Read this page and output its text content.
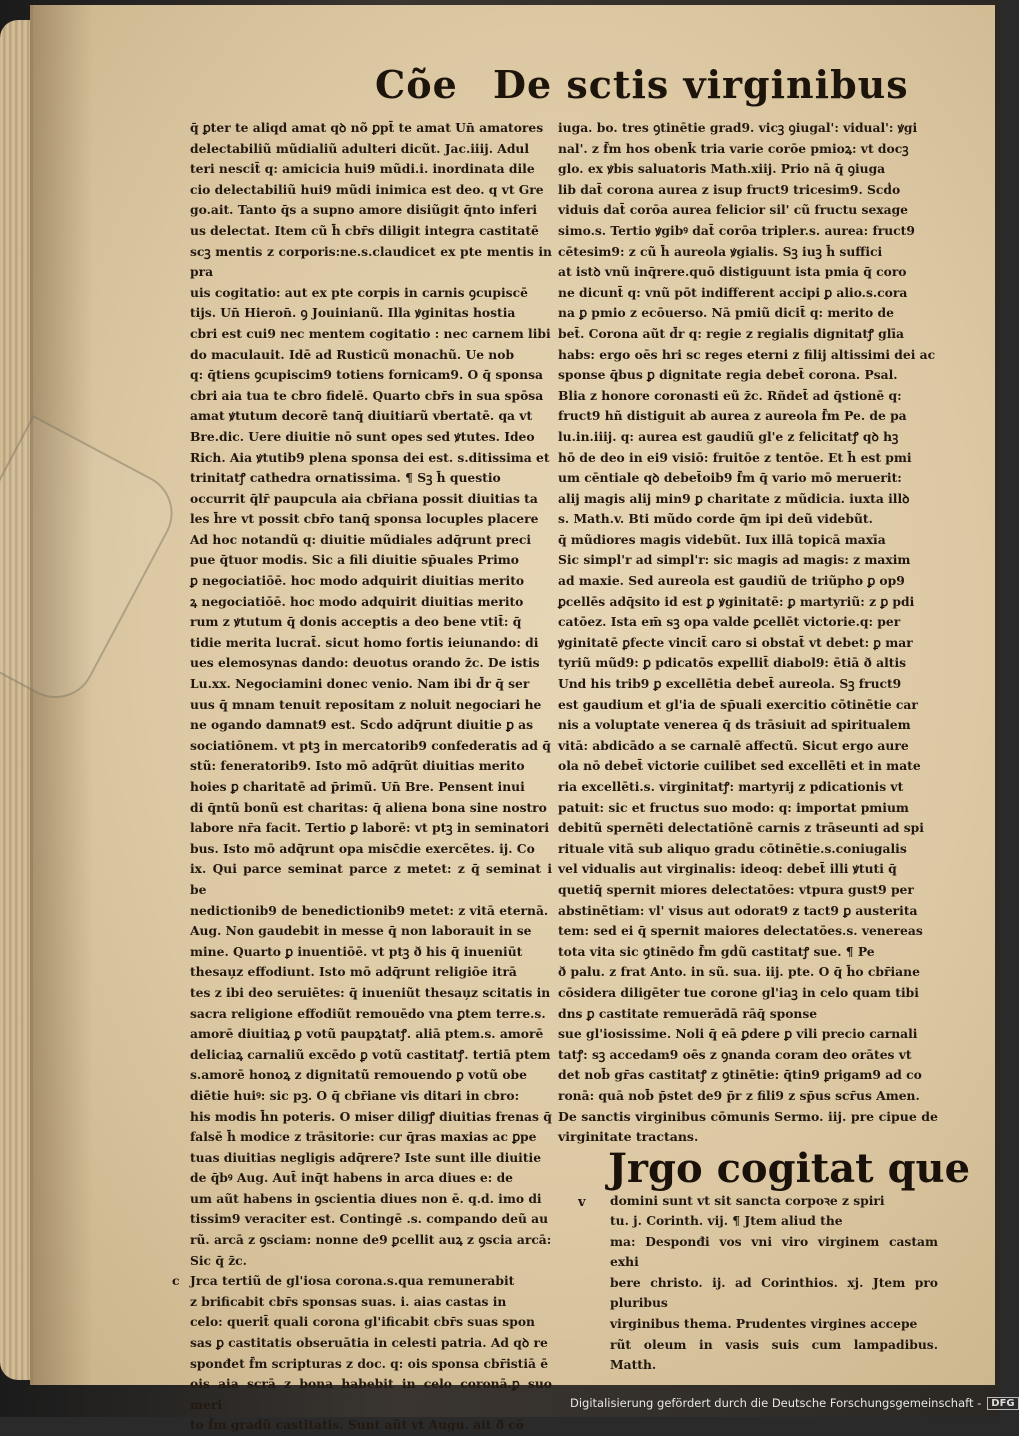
Cõe De sctis virginibus

q̄ ꝑter te aliqd amat qꝺ nõ ꝑpt̄ te amat Un̄ amatores

delectabiliũ mũdialiũ adulteri dicũt. Jac.iiij. Adul

teri nescit̄ q: amicicia hui9 mũdi.i. inordinata dile

cio delectabiliũ hui9 mũdi inimica est deo. q vt Gre

go.ait. Tanto q̄s a supno amore disiũgit q̄nto inferi

us delectat. Item cũ h̄ cbr̄s diligit integra castitatē

scꝫ mentis z corporis:ne.s.claudicet ex pte mentis in pra

uis cogitatio: aut ex pte corpis in carnis ꝯcupiscē

tijs. Un̄ Hieron̄. ꝯ Jouinianũ. Illa ꝟginitas hostia

cbri est cui9 nec mentem cogitatio : nec carnem libi

do maculauit. Idē ad Rusticũ monachũ. Ue nob

q: q̄tiens ꝯcupiscim9 totiens fornicam9. O q̄ sponsa

cbri aia tua te cbro fidelē. Quarto cbr̄s in sua spōsa

amat ꝟtutum decorē tanq̄ diuitiarũ vbertatē. qa vt

Bre.dic. Uere diuitie nō sunt opes sed ꝟtutes. Ideo

Rich. Aia ꝟtutib9 plena sponsa dei est. s.ditissima et

trinitatꝭ cathedra ornatissima. ¶ Sꝫ h̄ questio

occurrit q̄lr̄ paupcula aia cbr̄iana possit diuitias ta

les h̄re vt possit cbr̄o tanq̄ sponsa locuples placere

Ad hoc notandũ q: diuitie mũdiales adq̄runt preci

pue q̄tuor modis. Sic a fili diuitie sp̄uales Primo

ꝑ negociatiōē. hoc modo adquirit diuitias merito

ꝝ negociatiōē. hoc modo adquirit diuitias merito

rum z ꝟtutum q̄ donis acceptis a deo bene vtit̄: q̄

tidie merita lucrat̄. sicut homo fortis ieiunando: di

ues elemosynas dando: deuotus orando z̄c. De istis

Lu.xx. Negociamini donec venio. Nam ibi d̄r q̄ ser

uus q̄ mnam tenuit repositam z noluit negociari he

ne ogando damnat9 est. Scḋo adq̄runt diuitie ꝑ as

sociatiōnem. vt ptꝫ in mercatorib9 confederatis ad q̄

stũ: feneratorib9. Isto mō adq̄rũt diuitias merito

hoies ꝑ charitatē ad p̄rimũ. Un̄ Bre. Pensent inui

di q̄ntũ bonũ est charitas: q̄ aliena bona sine nostro

labore nr̄a facit. Tertio ꝑ laborē: vt ptꝫ in seminatori

bus. Isto mō adq̄runt opa misc̄die exercētes. ij. Co

ix. Qui parce seminat parce z metet: z q̄ seminat i be

nedictionib9 de benedictionib9 metet: z vitā eternā.

Aug. Non gaudebit in messe q̄ non laborauit in se

mine. Quarto ꝑ inuentiōē. vt ptꝫ ð his q̄ inueniūt

thesau̗z effodiunt. Isto mō adq̄runt religiōe itrā

tes z ibi deo seruiētes: q̄ inueniũt thesau̗z scitatis in

sacra religione effodiũt remouēdo vna ꝑtem terre.s.

amorē diuitiaꝝ ꝑ votũ paupꝝtatꝭ. aliā ptem.s. amorē

deliciaꝝ carnaliũ excēdo ꝑ votũ castitatꝭ. tertiā ptem

s.amorē honoꝝ z dignitatũ remouendo ꝑ votũ obe

diētie huiꝰ: sic pꝫ. O q̄ cbr̄iane vis ditari in cbro:

his modis h̄n poteris. O miser diligꝭ diuitias frenas q̄

falsē h̄ modice z trāsitorie: cur q̄ras maxias ac ꝑpe

tuas diuitias negligis adq̄rere? Iste sunt ille diuitie

de q̄bꝰ Aug. Aut̄ inq̄t habens in arca diues e: de

um aũt habens in ꝯscientia diues non ē. q.d. imo di

tissim9 veraciter est. Contingē .s. compando deũ au

rũ. arcā z ꝯsciam: nonne de9 ꝑcellit auꝝ z ꝯscia arcā:

Sic q̄ z̄c.

c Jrca tertiũ de gl'iosa corona.s.qua remunerabit

z brificabit cbr̄s sponsas suas. i. aias castas in

celo: querit̄ quali corona gl'ificabit cbr̄s suas spon

sas ꝑ castitatis obseruātia in celesti patria. Ad qꝺ re

sponđet f̄m scripturas z doc. q: ois sponsa cbr̄istiā ē

ois aia scrā z bona habebit in celo coronā.ꝑ suo meri

to f̄m gradũ castitatis. Sunt aũt vt Augu. ait ð cō

iuga. bo. tres ꝯtinētie grad9. vicꝫ ꝯiugal': vidual': ꝟgi

nal'. z f̄m hos obenk̄ tria varie corōe pmioꝝ: vt docꝫ

glo. ex ꝟbis saluatoris Math.xiij. Prio nā q̄ ꝯiuga

lib dat̄ corona aurea z isup fruct9 tricesim9. Scḋo

viduis dat̄ corōa aurea felicior sil' cũ fructu sexage

simo.s. Tertio ꝟgibꝰ dat̄ corōa tripler.s. aurea: fruct9

cētesim9: z cũ h̄ aureola ꝟgialis. Sꝫ iuꝫ h̄ suffici

at istꝺ vnũ inq̄rere.quō distiguunt ista pmia q̄ coro

ne dicunt̄ q: vnũ pōt indifferent accipi ꝑ alio.s.cora

na ꝑ pmio z ecōuerso. Nā pmiũ dicit̄ q: merito de

bet̄. Corona aũt d̄r q: regie z regialis dignitatꝭ glīa

habs: ergo oēs hri sc reges eterni z filij altissimi dei ac

sponse q̄bus ꝑ dignitate regia debet̄ corona. Psal.

Blia z honore coronasti eũ z̄c. Rñdet̄ ad q̄stionē q:

fruct9 hñ distiguit ab aurea z aureola f̄m Pe. de pa

lu.in.iiij. q: aurea est gaudiũ gl'e z felicitatꝭ qꝺ hꝫ

hō de deo in ei9 visiō: fruitōe z tentōe. Et h̄ est pmi

um cēntiale qꝺ debet̄oib9 f̄m q̄ vario mō meruerit:

alij magis alij min9 ꝑ charitate z mũdicia. iuxta illꝺ

s. Math.v. Bti mũdo corde q̄m ipi deũ videbũt.

q̄ mũdiores magis videbũt. Iux illā topicā maxīa

Sic simpl'r ad simpl'r: sic magis ad magis: z maxim

ad maxie. Sed aureola est gaudiũ de triũpho ꝑ op9

ꝑcellēs adq̄sito id est ꝑ ꝟginitatē: ꝑ martyriũ: z ꝑ pdi

catōez. Ista em̄ sꝫ opa valde ꝑcellēt victorie.q: per

ꝟginitatē ꝑfecte vincit̄ caro si obstat̄ vt debet: ꝑ mar

tyriũ mũd9: ꝑ pdicatōs expellit̄ diabol9: ētiā ð altis

Und his trib9 ꝑ excellētia debet̄ aureola. Sꝫ fruct9

est gaudium et gl'ia de sp̄uali exercitio cōtinētie car

nis a voluptate venerea q̄ ds trāsiuit ad spiritualem

vitā: abdicādo a se carnalē affectũ. Sicut ergo aure

ola nō debet̄ victorie cuilibet sed excellēti et in mate

ria excellēti.s. virginitatꝭ: martyrij z pdicationis vt

patuit: sic et fructus suo modo: q: importat pmium

debitũ spernēti delectatiōnē carnis z trāseunti ad spi

rituale vitā sub aliquo gradu cōtinētie.s.coniugalis

vel vidualis aut virginalis: ideoq: debet̄ illi ꝟtuti q̄

quetiq̄ spernit miores delectatōes: vtpura gust9 per

abstinētiam: vl' visus aut odorat9 z tact9 ꝑ austerita

tem: sed ei q̄ spernit maiores delectatōes.s. venereas

tota vita sic ꝯtinēdo f̄m gḋũ castitatꝭ sue. ¶ Pe

ð palu. z frat Anto. in sũ. sua. iij. pte. O q̄ h̄o cbr̄iane

cōsidera diligēter tue corone gl'iaꝫ in celo quam tibi

dns ꝑ castitate remuerādā rāq̄ sponse

sue gl'iosissime. Noli q̄ eā ꝑdere ꝑ vili precio carnali

tatꝭ: sꝫ accedam9 oēs z ꝯnanda coram deo orātes vt

det nob̄ gr̄as castitatꝭ z ꝯtinētie: q̄tin9 ꝑrigam9 ad co

ronā: quā nob̄ p̄stet de9 p̄r z fili9 z sp̄us scr̄us Amen.

De sanctis virginibus cōmunis Sermo. iij. pre cipue de virginitate tractans.

Jrgo cogitat que
v domini sunt vt sit sancta corpoꝛe z spiri

tu. j. Corinth. vij. ¶ Jtem aliud the

ma: Desponđi vos vni viro virginem castam exhi

bere christo. ij. ad Corinthios. xj. Jtem pro pluribus

virginibus thema. Prudentes virgines accepe

rũt oleum in vasis suis cum lampadibus. Matth.

Digitalisierung gefördert durch die Deutsche Forschungsgemeinschaft - DFG
